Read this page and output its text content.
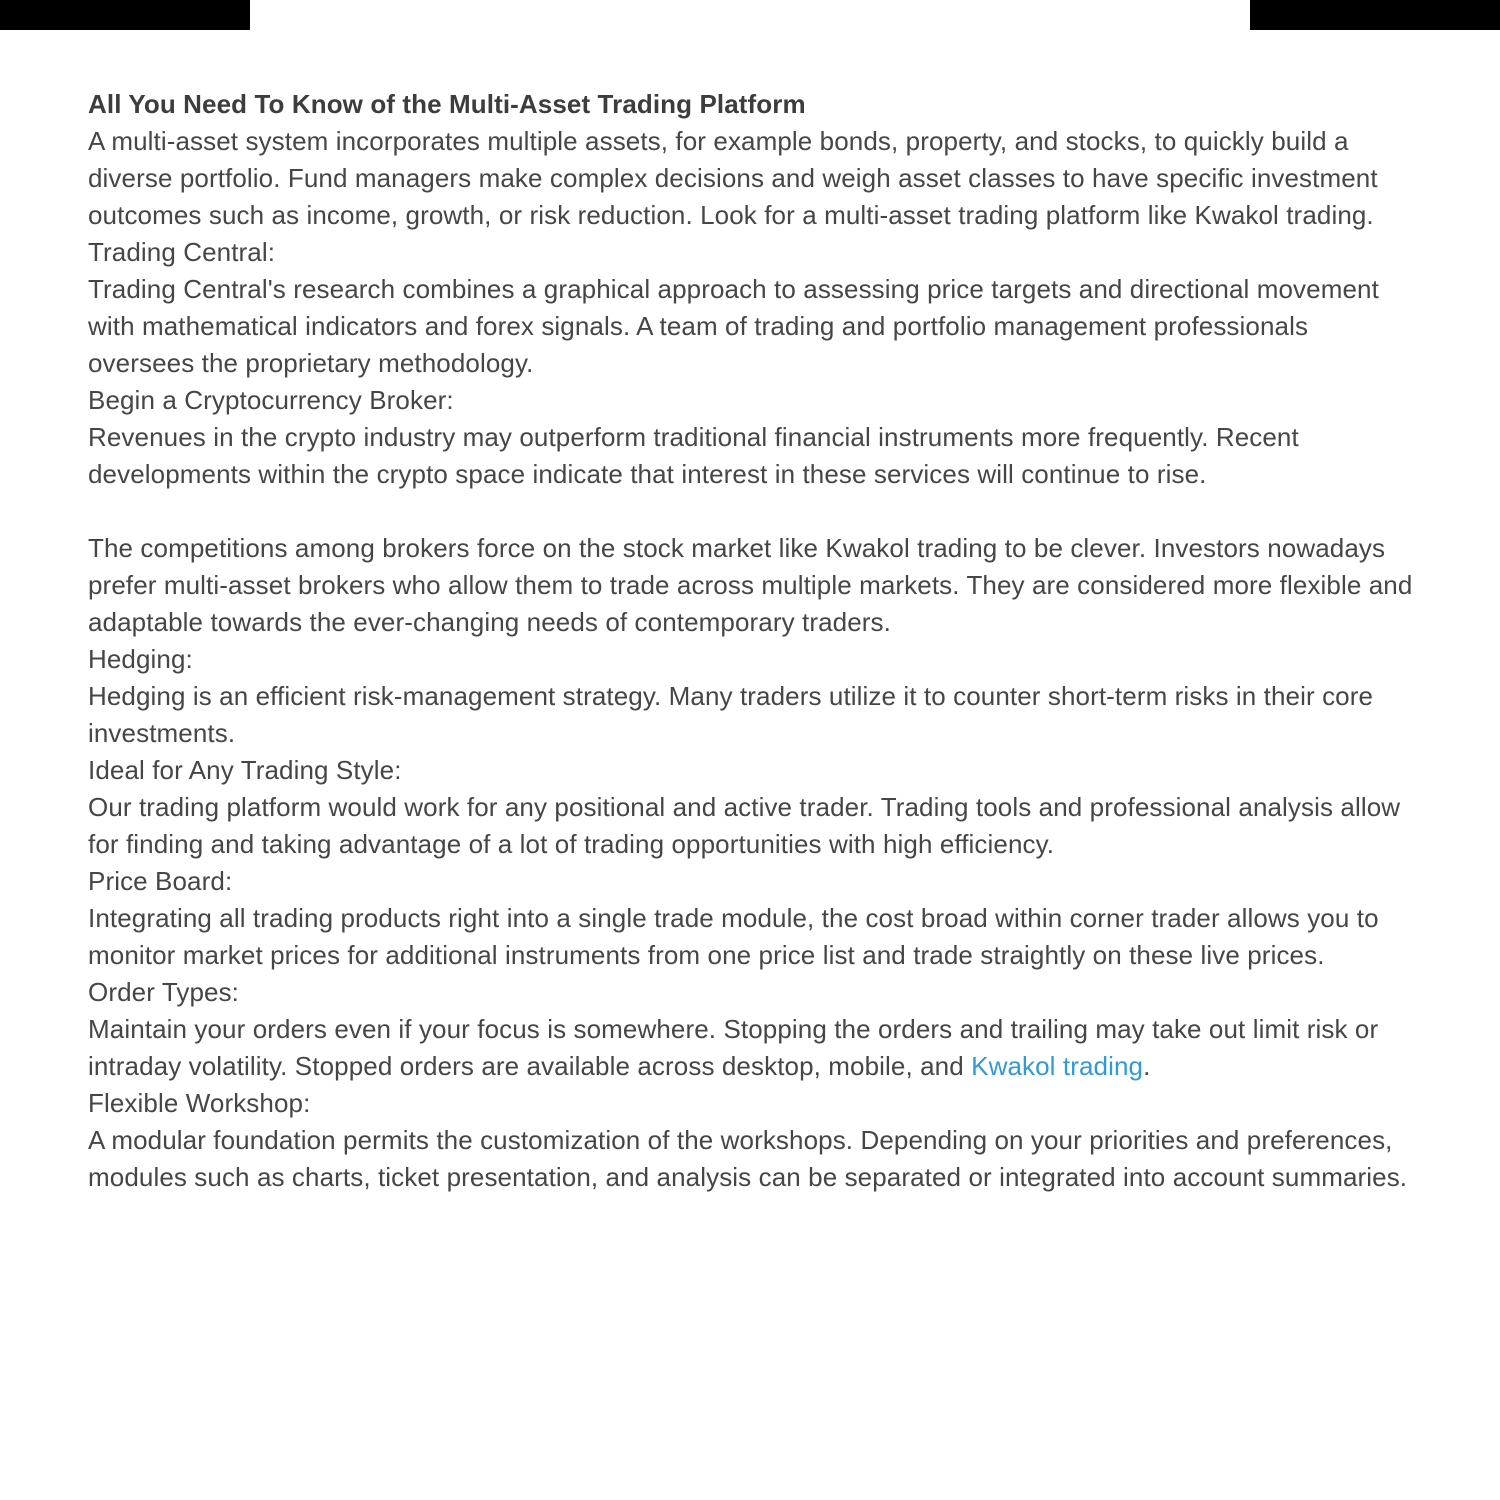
All You Need To Know of the Multi-Asset Trading Platform

A multi-asset system incorporates multiple assets, for example bonds, property, and stocks, to quickly build a diverse portfolio. Fund managers make complex decisions and weigh asset classes to have specific investment outcomes such as income, growth, or risk reduction. Look for a multi-asset trading platform like Kwakol trading.

Trading Central:

Trading Central's research combines a graphical approach to assessing price targets and directional movement with mathematical indicators and forex signals. A team of trading and portfolio management professionals oversees the proprietary methodology.

Begin a Cryptocurrency Broker:

Revenues in the crypto industry may outperform traditional financial instruments more frequently. Recent developments within the crypto space indicate that interest in these services will continue to rise.

The competitions among brokers force on the stock market like Kwakol trading to be clever. Investors nowadays prefer multi-asset brokers who allow them to trade across multiple markets. They are considered more flexible and adaptable towards the ever-changing needs of contemporary traders.

Hedging:

Hedging is an efficient risk-management strategy. Many traders utilize it to counter short-term risks in their core investments.

Ideal for Any Trading Style:

Our trading platform would work for any positional and active trader. Trading tools and professional analysis allow for finding and taking advantage of a lot of trading opportunities with high efficiency.

Price Board:

Integrating all trading products right into a single trade module, the cost broad within corner trader allows you to monitor market prices for additional instruments from one price list and trade straightly on these live prices.

Order Types:

Maintain your orders even if your focus is somewhere. Stopping the orders and trailing may take out limit risk or intraday volatility. Stopped orders are available across desktop, mobile, and Kwakol trading.

Flexible Workshop:

A modular foundation permits the customization of the workshops. Depending on your priorities and preferences, modules such as charts, ticket presentation, and analysis can be separated or integrated into account summaries.
